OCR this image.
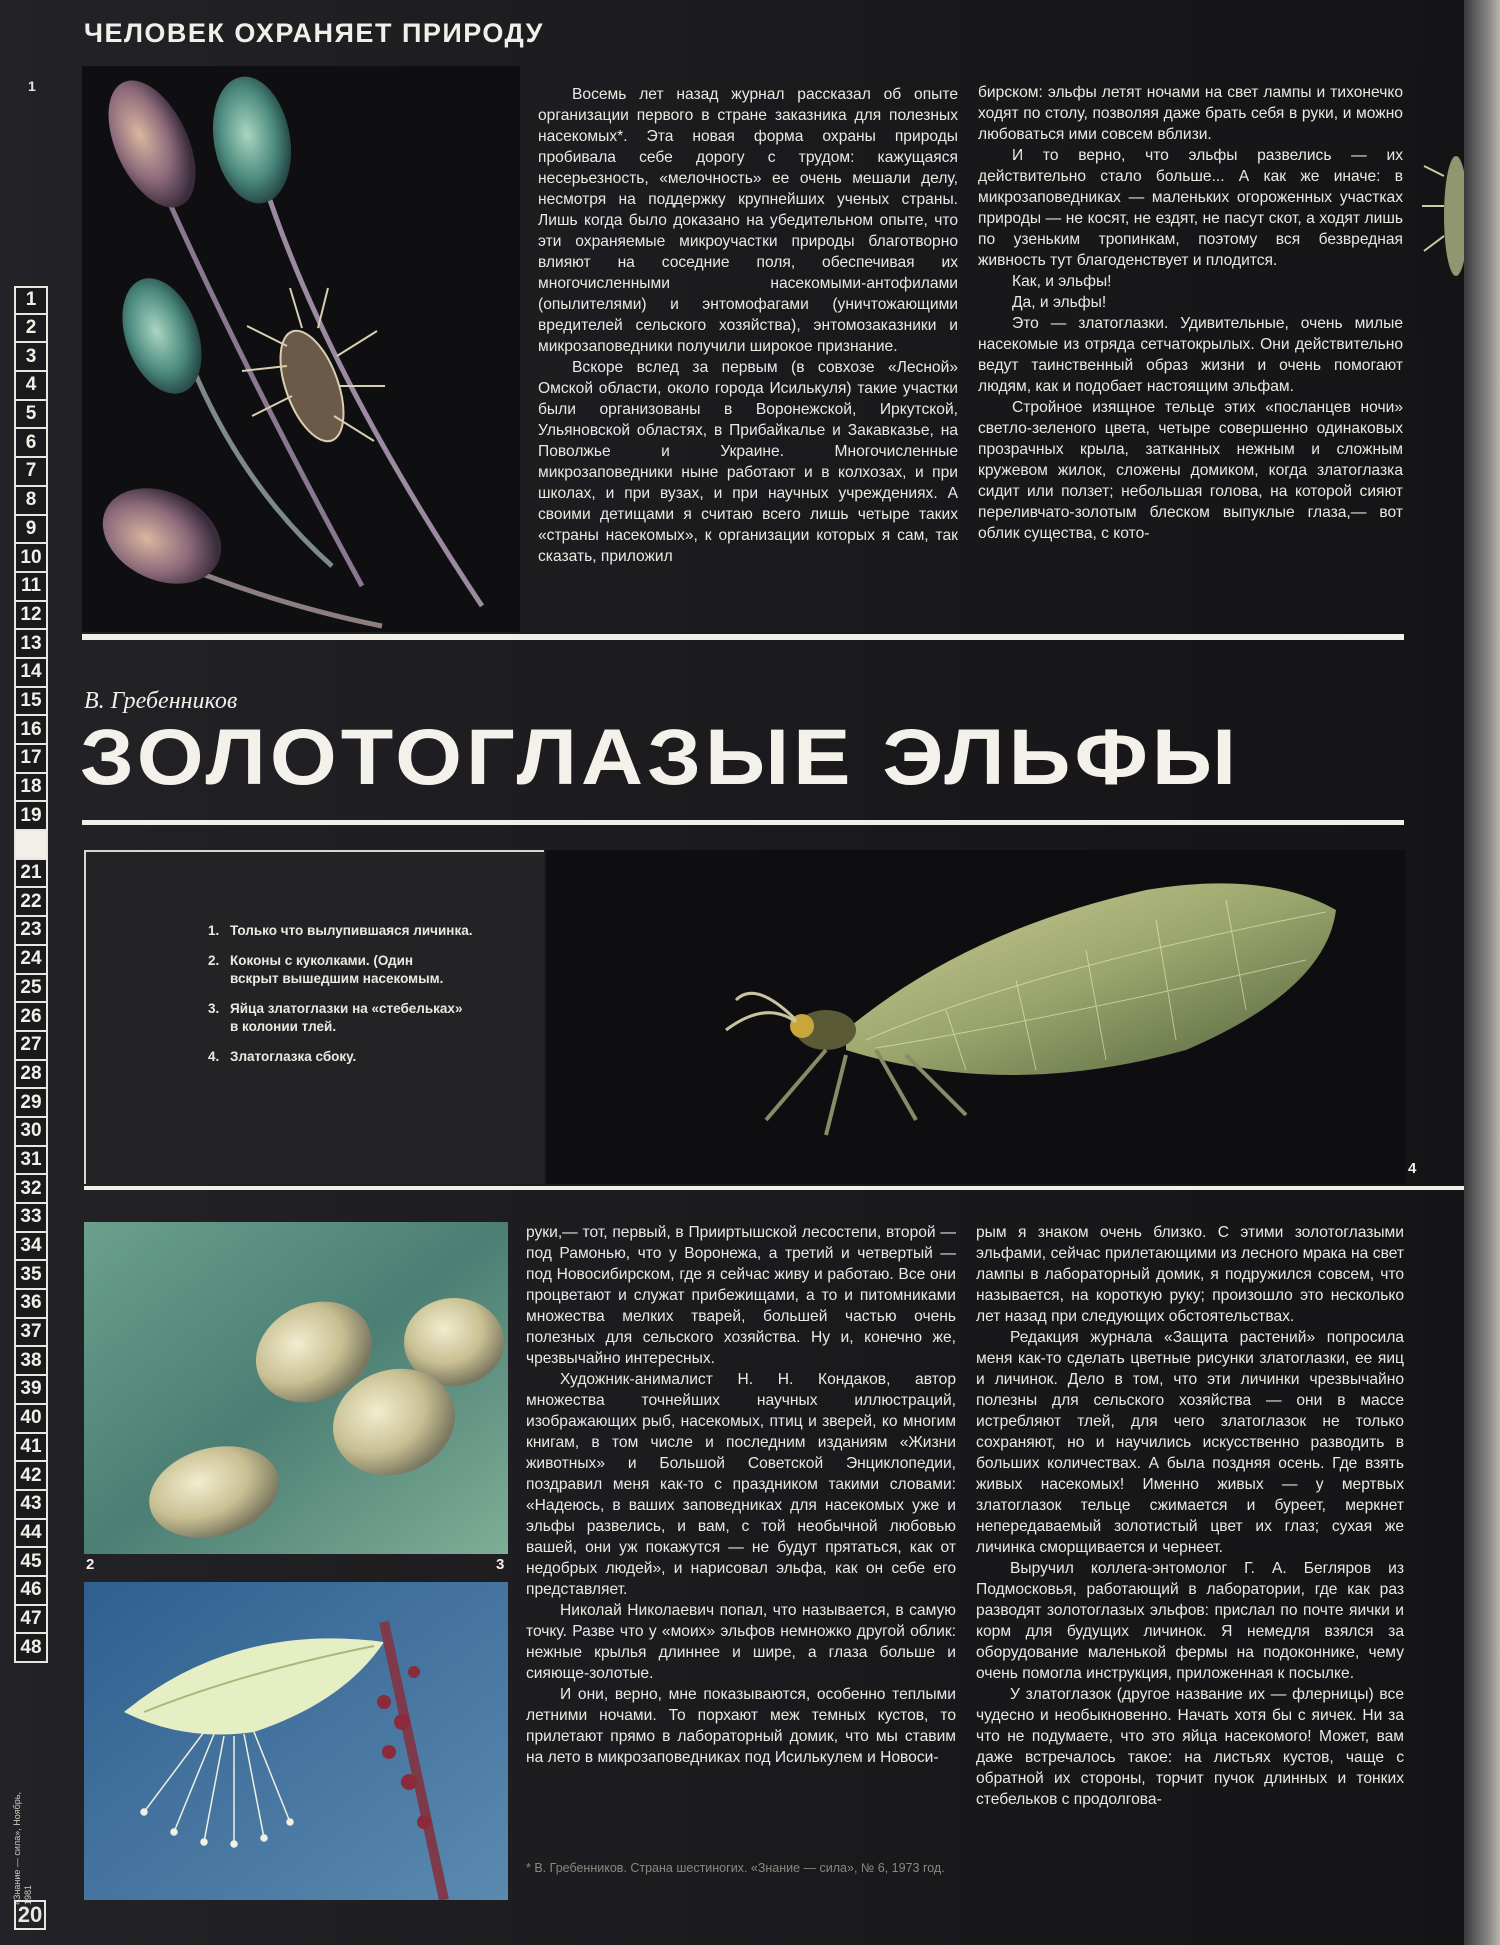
ЧЕЛОВЕК ОХРАНЯЕТ ПРИРОДУ
1
1
2
3
4
5
6
7
8
9
10
11
12
13
14
15
16
17
18
19
20
21
22
23
24
25
26
27
28
29
30
31
32
33
34
35
36
37
38
39
40
41
42
43
44
45
46
47
48
«Знание — сила», Ноябрь, 1981
20

Восемь лет назад журнал рассказал об опыте организации первого в стране заказника для полезных насекомых*. Эта новая форма охраны природы пробивала себе дорогу с трудом: кажущаяся несерьезность, «мелочность» ее очень мешали делу, несмотря на поддержку крупнейших ученых страны. Лишь когда было доказано на убедительном опыте, что эти охраняемые микроучастки природы благотворно влияют на соседние поля, обеспечивая их многочисленными насекомыми-антофилами (опылителями) и энтомофагами (уничтожающими вредителей сельского хозяйства), энтомозаказники и микрозаповедники получили широкое признание.

Вскоре вслед за первым (в совхозе «Лесной» Омской области, около города Исилькуля) такие участки были организованы в Воронежской, Иркутской, Ульяновской областях, в Прибайкалье и Закавказье, на Поволжье и Украине. Многочисленные микрозаповедники ныне работают и в колхозах, и при школах, и при вузах, и при научных учреждениях. А своими детищами я считаю всего лишь четыре таких «страны насекомых», к организации которых я сам, так сказать, приложил

бирском: эльфы летят ночами на свет лампы и тихонечко ходят по столу, позволяя даже брать себя в руки, и можно любоваться ими совсем вблизи.

И то верно, что эльфы развелись — их действительно стало больше... А как же иначе: в микрозаповедниках — маленьких огороженных участках природы — не косят, не ездят, не пасут скот, а ходят лишь по узеньким тропинкам, поэтому вся безвредная живность тут благоденствует и плодится.

Как, и эльфы!

Да, и эльфы!

Это — златоглазки. Удивительные, очень милые насекомые из отряда сетчатокрылых. Они действительно ведут таинственный образ жизни и очень помогают людям, как и подобает настоящим эльфам.

Стройное изящное тельце этих «посланцев ночи» светло-зеленого цвета, четыре совершенно одинаковых прозрачных крыла, затканных нежным и сложным кружевом жилок, сложены домиком, когда златоглазка сидит или ползет; небольшая голова, на которой сияют переливчато-золотым блеском выпуклые глаза,— вот облик существа, с кото-

В. Гребенников
ЗОЛОТОГЛАЗЫЕ ЭЛЬФЫ
1. Только что вылупившаяся личинка.
2. Коконы с куколками. (Один
вскрыт вышедшим насекомым.
3. Яйца златоглазки на «стебельках»
в колонии тлей.
4. Златоглазка сбоку.
4
2	3

руки,— тот, первый, в Прииртышской лесостепи, второй — под Рамонью, что у Воронежа, а третий и четвертый — под Новосибирском, где я сейчас живу и работаю. Все они процветают и служат прибежищами, а то и питомниками множества мелких тварей, большей частью очень полезных для сельского хозяйства. Ну и, конечно же, чрезвычайно интересных.

Художник-анималист Н. Н. Кондаков, автор множества точнейших научных иллюстраций, изображающих рыб, насекомых, птиц и зверей, ко многим книгам, в том числе и последним изданиям «Жизни животных» и Большой Советской Энциклопедии, поздравил меня как-то с праздником такими словами: «Надеюсь, в ваших заповедниках для насекомых уже и эльфы развелись, и вам, с той необычной любовью вашей, они уж покажутся — не будут прятаться, как от недобрых людей», и нарисовал эльфа, как он себе его представляет.

Николай Николаевич попал, что называется, в самую точку. Разве что у «моих» эльфов немножко другой облик: нежные крылья длиннее и шире, а глаза больше и сияюще-золотые.

И они, верно, мне показываются, особенно теплыми летними ночами. То порхают меж темных кустов, то прилетают прямо в лабораторный домик, что мы ставим на лето в микрозаповедниках под Исилькулем и Новоси-

рым я знаком очень близко. С этими золотоглазыми эльфами, сейчас прилетающими из лесного мрака на свет лампы в лабораторный домик, я подружился совсем, что называется, на короткую руку; произошло это несколько лет назад при следующих обстоятельствах.

Редакция журнала «Защита растений» попросила меня как-то сделать цветные рисунки златоглазки, ее яиц и личинок. Дело в том, что эти личинки чрезвычайно полезны для сельского хозяйства — они в массе истребляют тлей, для чего златоглазок не только сохраняют, но и научились искусственно разводить в больших количествах. А была поздняя осень. Где взять живых насекомых! Именно живых — у мертвых златоглазок тельце сжимается и буреет, меркнет непередаваемый золотистый цвет их глаз; сухая же личинка сморщивается и чернеет.

Выручил коллега-энтомолог Г. А. Бегляров из Подмосковья, работающий в лаборатории, где как раз разводят золотоглазых эльфов: прислал по почте яички и корм для будущих личинок. Я немедля взялся за оборудование маленькой фермы на подоконнике, чему очень помогла инструкция, приложенная к посылке.

У златоглазок (другое название их — флерницы) все чудесно и необыкновенно. Начать хотя бы с яичек. Ни за что не подумаете, что это яйца насекомого! Может, вам даже встречалось такое: на листьях кустов, чаще с обратной их стороны, торчит пучок длинных и тонких стебельков с продолгова-

* В. Гребенников. Страна шестиногих. «Знание — сила», № 6, 1973 год.
